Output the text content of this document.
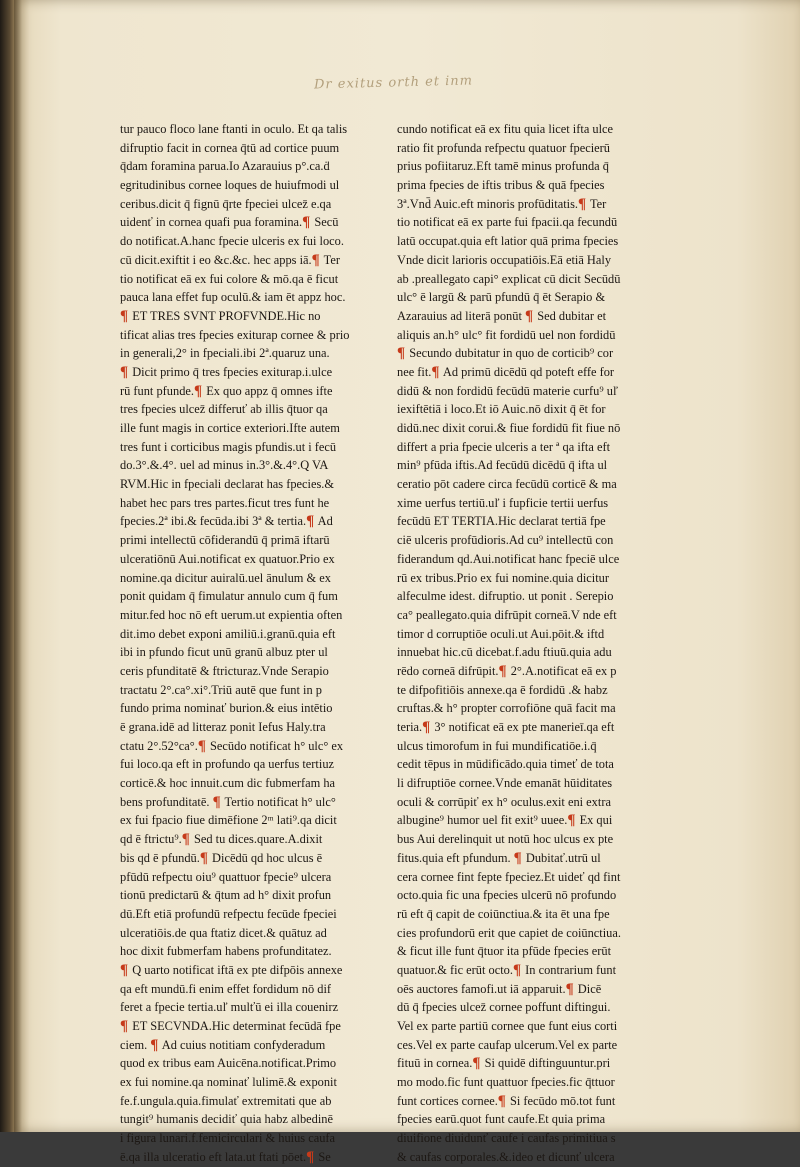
Dr exitus orth et inm
tur pauco floco lane ftanti in oculo. Et qa talis
difruptio facit in cornea q̄tū ad cortice puum
q̄dam foramina parua.Io Azarauius p°.ca.ḋ
egritudinibus cornee loques de huiufmodi ul
ceribus.dicit q̄ fignū q̄rte fpeciei ulcez̄ e.qa
uidenť in cornea quafi pua foramina.¶ Secū
do notificat.A.hanc fpecie ulceris ex fui loco.
cū dicit.exiftit i eo &c.&c. hec apps iā.¶ Ter
tio notificat eā ex fui colore & mō.qa ē ficut
pauca lana effet fup oculū.& iam ēt appz hoc.
¶ ET TRES SVNT PROFVNDE.Hic no
tificat alias tres fpecies exiturap cornee & prio
in generali,2° in fpeciali.ibi 2ª.quaruz una.
¶ Dicit primo q̄ tres fpecies exiturap.i.ulce
rū funt pfunde.¶ Ex quo appz q̄ omnes ifte
tres fpecies ulcez̄ differuť ab illis q̄tuor qa
ille funt magis in cortice exteriori.Ifte autem
tres funt i corticibus magis pfundis.ut i fecū
do.3°.&.4°. uel ad minus in.3°.&.4°.Q VA
RVM.Hic in fpeciali declarat has fpecies.&
habet hec pars tres partes.ficut tres funt he
fpecies.2ª ibi.& fecūda.ibi 3ª & tertia.¶ Ad
primi intellectū cōfiderandū q̄ primā iftarū
ulceratiōnū Aui.notificat ex quatuor.Prio ex
nomine.qa dicitur auiralū.uel ānulum & ex
ponit quidam q̄ fimulatur annulo cum q̄ fum
mitur.fed hoc nō eft uerum.ut expientia often
dit.imo debet exponi amiliū.i.granū.quia eft
ibi in pfundo ficut unū granū albuz pter ul
ceris pfunditatē & ftricturaz.Vnde Serapio
tractatu 2°.ca°.xi°.Triū autē que funt in p
fundo prima nominať burion.& eius intētio
ē grana.idē ad litteraz ponit Iefus Haly.tra
ctatu 2°.52°ca°.¶ Secūdo notificat h° ulc° ex
fui loco.qa eft in profundo qa uerfus tertiuz
corticē.& hoc innuit.cum dic fubmerfam ha
bens profunditatē. ¶ Tertio notificat h° ulc°
ex fui fpacio fiue dimēfione 2ᵐ lati⁹.qa dicit
qd ē ftrictu⁹.¶ Sed tu dices.quare.A.dixit
bis qd ē pfundū.¶ Dicēdū qd hoc ulcus ē
pfūdū refpectu oiu⁹ quattuor fpecie⁹ ulcera
tionū predictarū & q̄tum ad h° dixit profun
dū.Eft etiā profundū refpectu fecūde fpeciei
ulceratiōis.de qua ftatiz dicet.& quātuz ad
hoc dixit fubmerfam habens profunditatez.
¶ Q uarto notificat iftā ex pte difpōis annexe
qa eft mundū.fi enim effet fordidum nō dif
feret a fpecie tertia.uľ mulťū ei illa couenirz
¶ ET SECVNDA.Hic determinat fecūdā fpe
ciem. ¶ Ad cuius notitiam confyderadum
quod ex tribus eam Auicēna.notificat.Primo
ex fui nomine.qa nominať lulimē.& exponit
fe.f.ungula.quia.fimulať extremitati que ab
tungit⁹ humanis decidiť quia habz albedinē
i figura lunari.f.femicirculari & huius caufa
ē.qa illa ulceratio eft lata.ut ftati pōet.¶ Se
cundo notificat eā ex fitu quia licet ifta ulce
ratio fit profunda refpectu quatuor fpecierū
prius pofiitaruz.Eft tamē minus profunda q̄
prima fpecies de iftis tribus & quā fpecies
3ª.Vnd̄ Auic.eft minoris profūditatis.¶ Ter
tio notificat eā ex parte fui fpacii.qa fecundū
latū occupat.quia eft latior quā prima fpecies
Vnde dicit larioris occupatiōis.Eā etiā Haly
ab .preallegato capi° explicat cū dicit Secūdū
ulc° ē largū & parū pfundū q̄ ēt Serapio &
Azarauius ad literā ponūt ¶ Sed dubitar et
aliquis an.h° ulc° fit fordidū uel non fordidū
¶ Secundo dubitatur in quo de corticib⁹ cor
nee fit.¶ Ad primū dicēdū qd poteft effe for
didū & non fordidū fecūdū materie curfu⁹ uľ
iexiftētiā i loco.Et iō Auic.nō dixit q̄ ēt for
didū.nec dixit corui.& fiue fordidū fit fiue nō
differt a pria fpecie ulceris a ter ª qa ifta eft
min⁹ pfūda iftis.Ad fecūdū dicēdū q̄ ifta ul
ceratio pōt cadere circa fecūdū corticē & ma
xime uerfus tertiū.uľ i fupficie tertii uerfus
fecūdū ET TERTIA.Hic declarat tertiā fpe
ciē ulceris profūdioris.Ad cu⁹ intellectū con
fiderandum qd.Aui.notificat hanc fpeciē ulce
rū ex tribus.Prio ex fui nomine.quia dicitur
alfeculme idest. difruptio. ut ponit . Serepio
ca° peallegato.quia difrūpit corneā.V nde eft
timor d corruptiōe oculi.ut Aui.pōit.& iftd
innuebat hic.cū dicebat.f.adu ftiuū.quia adu
rēdo corneā difrūpit.¶ 2°.A.notificat eā ex p
te difpofitiōis annexe.qa ē fordidū .& habz
cruftas.& h° propter corrofiōne quā facit ma
teria.¶ 3° notificat eā ex pte manerieī.qa eft
ulcus timorofum in fui mundificatiōe.i.q̄
cedit tēpus in mūdificādo.quia timeť de tota
li difruptiōe cornee.Vnde emanāt hūiditates
oculi & corrūpiť ex h° oculus.exit eni extra
albugine⁹ humor uel fit exit⁹ uuee.¶ Ex qui
bus Aui derelinquit ut notū hoc ulcus ex pte
fitus.quia eft pfundum. ¶ Dubitať.utrū ul
cera cornee fint fepte fpeciez.Et uideť qd fint
octo.quia fic una fpecies ulcerū nō profundo
rū eft q̄ capit de coiūnctiua.& ita ēt una fpe
cies profundorū erit que capiet de coiūnctiua.
& ficut ille funt q̄tuor ita pfūde fpecies erūt
quatuor.& fic erūt octo.¶ In contrarium funt
oēs auctores famofi.ut iā apparuit.¶ Dicē
dū q̄ fpecies ulcez̄ cornee poffunt diftingui.
Vel ex parte partiū cornee que funt eius corti
ces.Vel ex parte caufap ulcerum.Vel ex parte
fituū in cornea.¶ Si quidē diftinguuntur.pri
mo modo.fic funt quattuor fpecies.fic q̄ttuor
funt cortices cornee.¶ Si fecūdo mō.tot funt
fpecies earū.quot funt caufe.Et quia prima
diuifione diuidunť caufe i caufas primitiua s
& caufas corporales.&.ideo et dicunť ulcera
